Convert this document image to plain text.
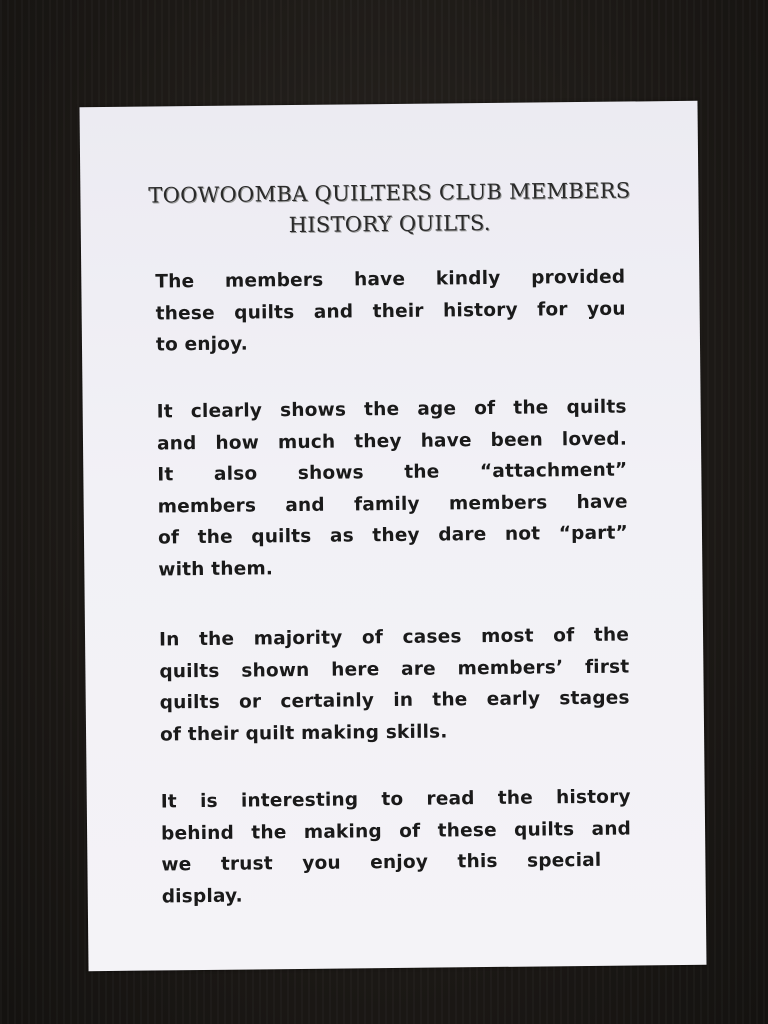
TOOWOOMBA QUILTERS CLUB MEMBERS
HISTORY QUILTS.
The members have kindly provided
these quilts and their history for you
to enjoy.
It clearly shows the age of the quilts
and how much they have been loved.
It also shows the “attachment”
members and family members have
of the quilts as they dare not “part”
with them.
In the majority of cases most of the
quilts shown here are members’ first
quilts or certainly in the early stages
of their quilt making skills.
It is interesting to read the history
behind the making of these quilts and
we trust you enjoy this special
display.
